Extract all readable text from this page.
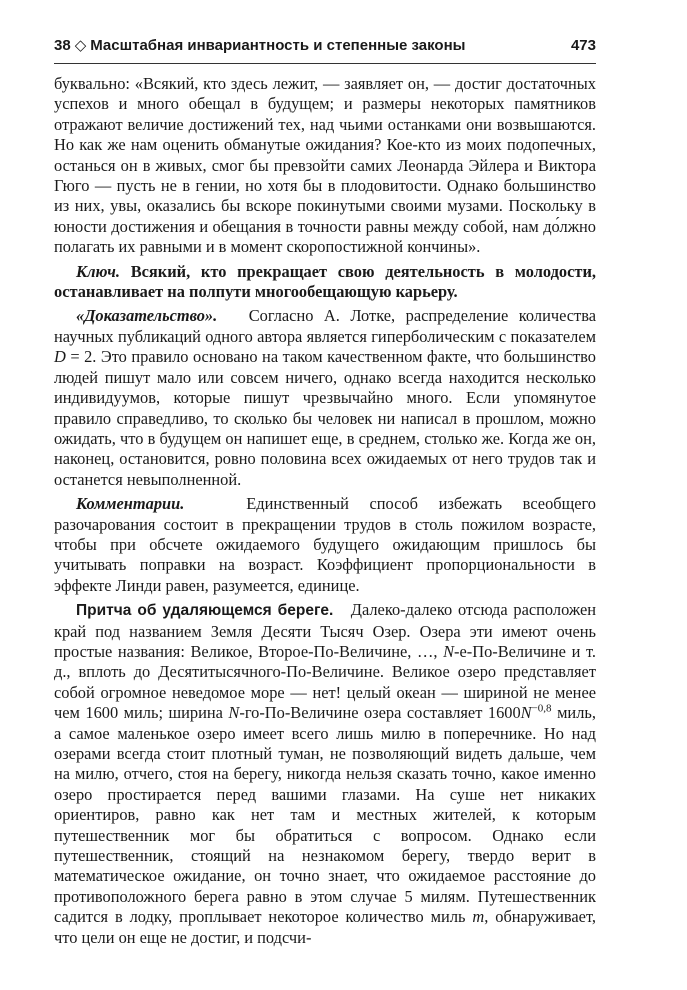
38 ◇ Масштабная инвариантность и степенные законы	473

буквально: «Всякий, кто здесь лежит, — заявляет он, — достиг достаточных успехов и много обещал в будущем; и размеры некоторых памятников отражают величие достижений тех, над чьими останками они возвышаются. Но как же нам оценить обманутые ожидания? Кое-кто из моих подопечных, останься он в живых, смог бы превзойти самих Леонарда Эйлера и Виктора Гюго — пусть не в гении, но хотя бы в плодовитости. Однако большинство из них, увы, оказались бы вскоре покинутыми своими музами. Поскольку в юности достижения и обещания в точности равны между собой, нам до́лжно полагать их равными и в момент скоропостижной кончины».

Ключ. Всякий, кто прекращает свою деятельность в молодости, останавливает на полпути многообещающую карьеру.

«Доказательство». Согласно А. Лотке, распределение количества научных публикаций одного автора является гиперболическим с показателем D = 2. Это правило основано на таком качественном факте, что большинство людей пишут мало или совсем ничего, однако всегда находится несколько индивидуумов, которые пишут чрезвычайно много. Если упомянутое правило справедливо, то сколько бы человек ни написал в прошлом, можно ожидать, что в будущем он напишет еще, в среднем, столько же. Когда же он, наконец, остановится, ровно половина всех ожидаемых от него трудов так и останется невыполненной.

Комментарии.	Единственный способ избежать всеобщего разочарования состоит в прекращении трудов в столь пожилом возрасте, чтобы при обсчете ожидаемого будущего ожидающим пришлось бы учитывать поправки на возраст. Коэффициент пропорциональности в эффекте Линди равен, разумеется, единице.

Притча об удаляющемся береге. Далеко-далеко отсюда расположен край под названием Земля Десяти Тысяч Озер. Озера эти имеют очень простые названия: Великое, Второе-По-Величине, …, N-е-По-Величине и т. д., вплоть до Десятитысячного-По-Величине. Великое озеро представляет собой огромное неведомое море — нет! целый океан — шириной не менее чем 1600 миль; ширина N-го-По-Величине озера составляет $1600N^{-0,8}$ миль, а самое маленькое озеро имеет всего лишь милю в поперечнике. Но над озерами всегда стоит плотный туман, не позволяющий видеть дальше, чем на милю, отчего, стоя на берегу, никогда нельзя сказать точно, какое именно озеро простирается перед вашими глазами. На суше нет никаких ориентиров, равно как нет там и местных жителей, к которым путешественник мог бы обратиться с вопросом. Однако если путешественник, стоящий на незнакомом берегу, твердо верит в математическое ожидание, он точно знает, что ожидаемое расстояние до противоположного берега равно в этом случае 5 милям. Путешественник садится в лодку, проплывает некоторое количество миль m, обнаруживает, что цели он еще не достиг, и подсчи-
